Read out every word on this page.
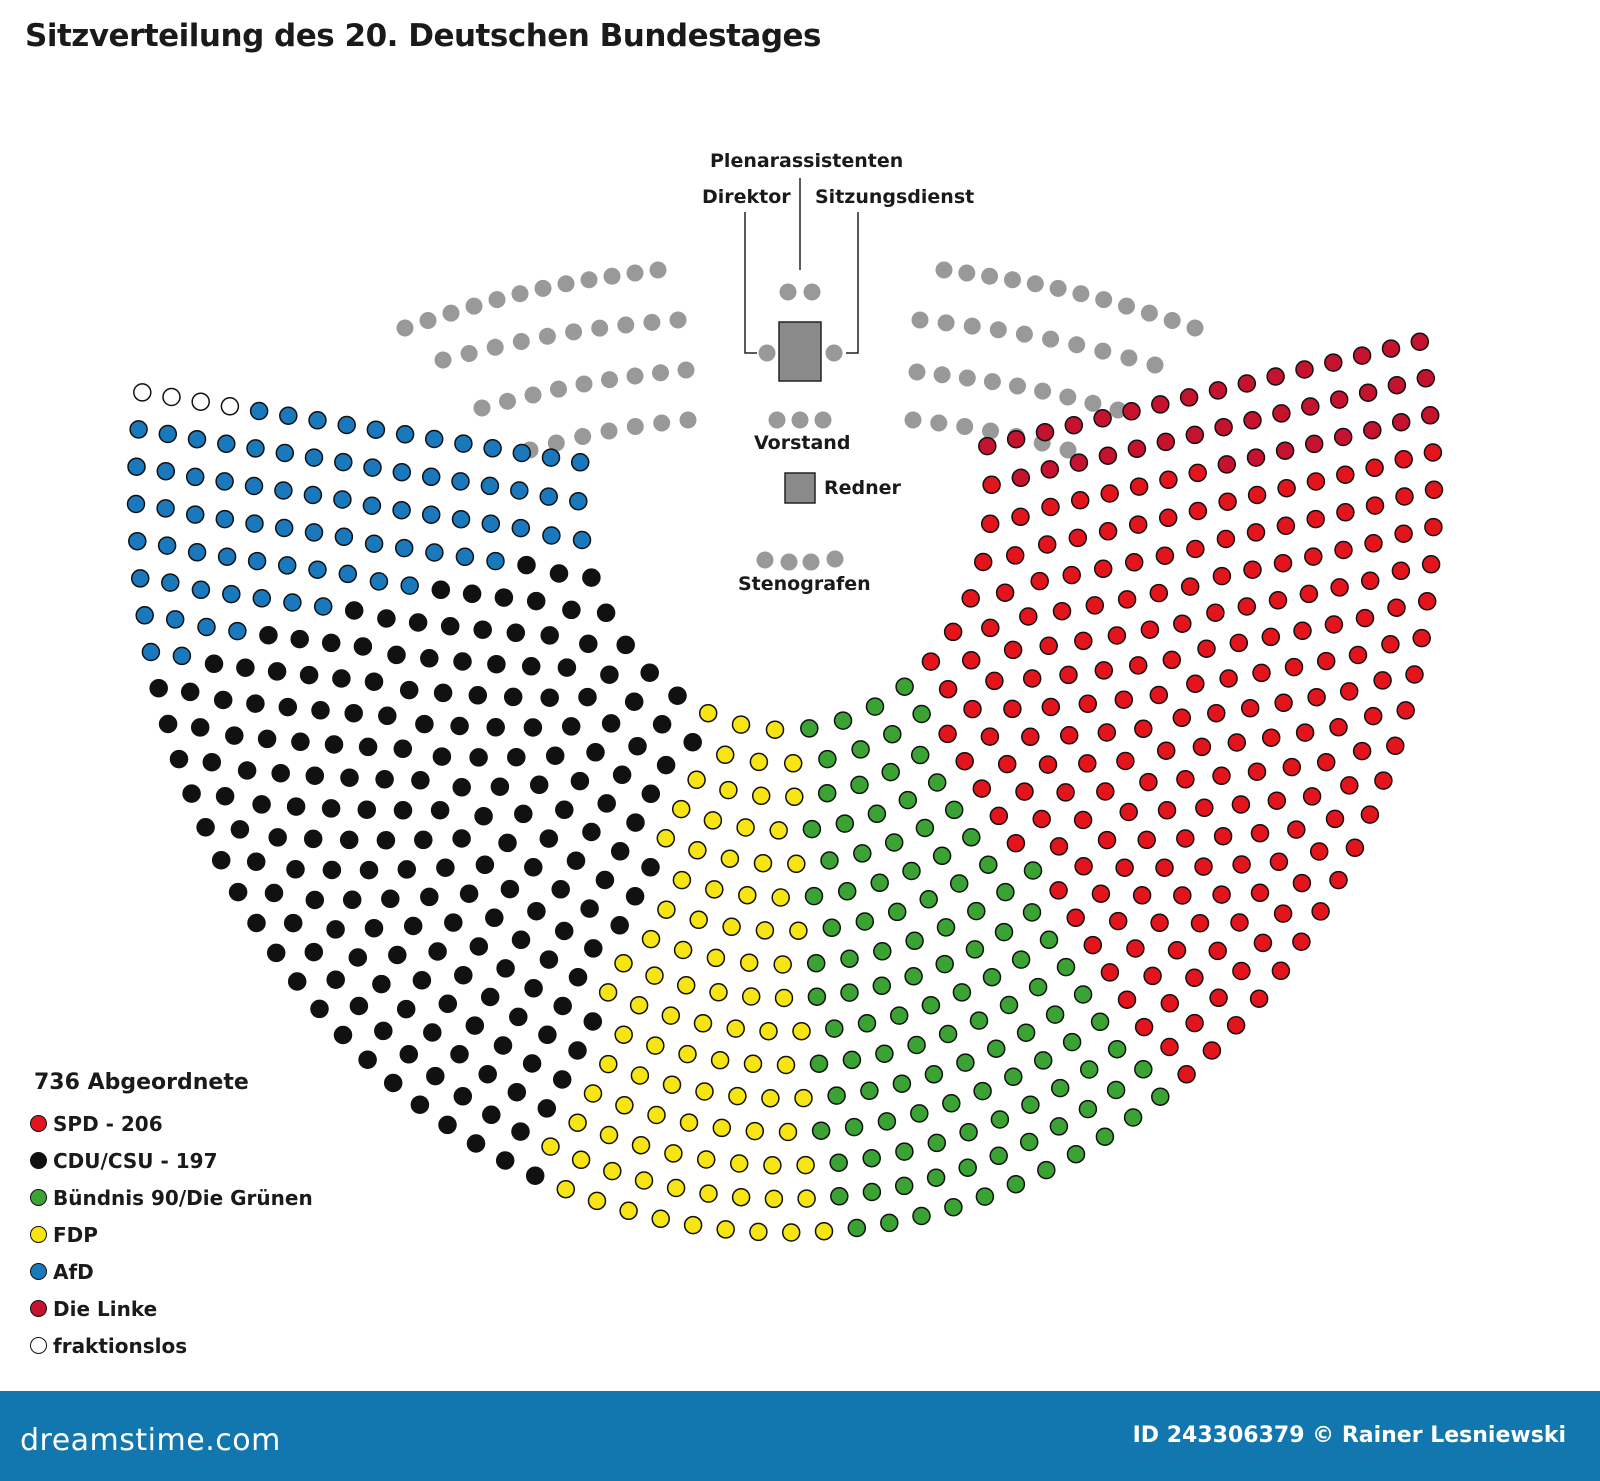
Sitzverteilung des 20. Deutschen Bundestages
Plenarassistenten
Direktor Sitzungsdienst
Vorstand
Redner
Stenografen
736 Abgeordnete
SPD - 206
CDU/CSU - 197
Bündnis 90/Die Grünen
FDP
AfD
Die Linke
fraktionslos
dreamstime.com	ID 243306379 © Rainer Lesniewski
